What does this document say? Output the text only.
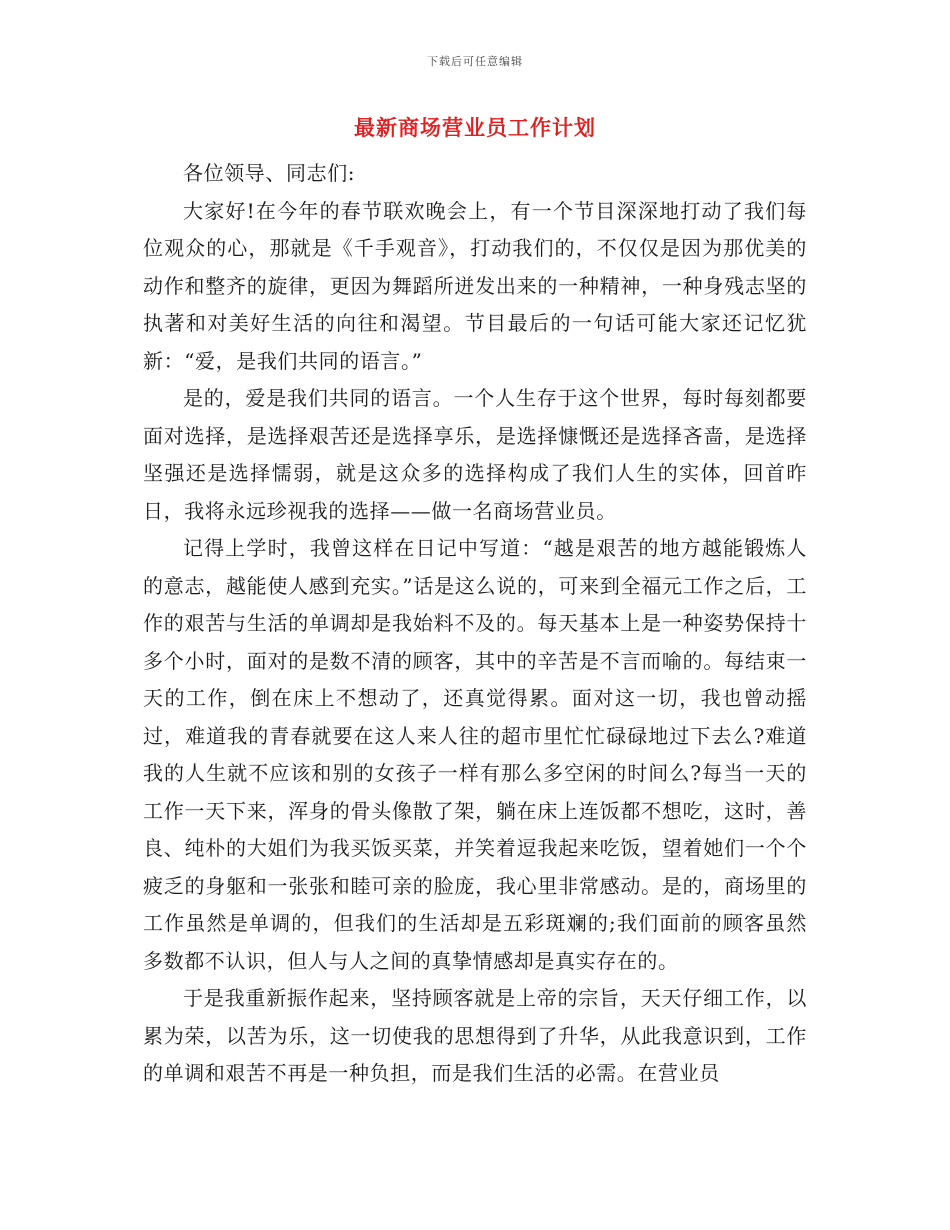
下载后可任意编辑
最新商场营业员工作计划

各位领导、同志们:

大家好!在今年的春节联欢晚会上，有一个节目深深地打动了我们每位观众的心，那就是《千手观音》，打动我们的，不仅仅是因为那优美的动作和整齐的旋律，更因为舞蹈所迸发出来的一种精神，一种身残志坚的执著和对美好生活的向往和渴望。节目最后的一句话可能大家还记忆犹新：“爱，是我们共同的语言。”

是的，爱是我们共同的语言。一个人生存于这个世界，每时每刻都要面对选择，是选择艰苦还是选择享乐，是选择慷慨还是选择吝啬，是选择坚强还是选择懦弱，就是这众多的选择构成了我们人生的实体，回首昨日，我将永远珍视我的选择——做一名商场营业员。

记得上学时，我曾这样在日记中写道：“越是艰苦的地方越能锻炼人的意志，越能使人感到充实。”话是这么说的，可来到全福元工作之后，工作的艰苦与生活的单调却是我始料不及的。每天基本上是一种姿势保持十多个小时，面对的是数不清的顾客，其中的辛苦是不言而喻的。每结束一天的工作，倒在床上不想动了，还真觉得累。面对这一切，我也曾动摇过，难道我的青春就要在这人来人往的超市里忙忙碌碌地过下去么?难道我的人生就不应该和别的女孩子一样有那么多空闲的时间么?每当一天的工作一天下来，浑身的骨头像散了架，躺在床上连饭都不想吃，这时，善良、纯朴的大姐们为我买饭买菜，并笑着逗我起来吃饭，望着她们一个个疲乏的身躯和一张张和睦可亲的脸庞，我心里非常感动。是的，商场里的工作虽然是单调的，但我们的生活却是五彩斑斓的;我们面前的顾客虽然多数都不认识，但人与人之间的真挚情感却是真实存在的。

于是我重新振作起来，坚持顾客就是上帝的宗旨，天天仔细工作，以累为荣，以苦为乐，这一切使我的思想得到了升华，从此我意识到，工作的单调和艰苦不再是一种负担，而是我们生活的必需。在营业员
